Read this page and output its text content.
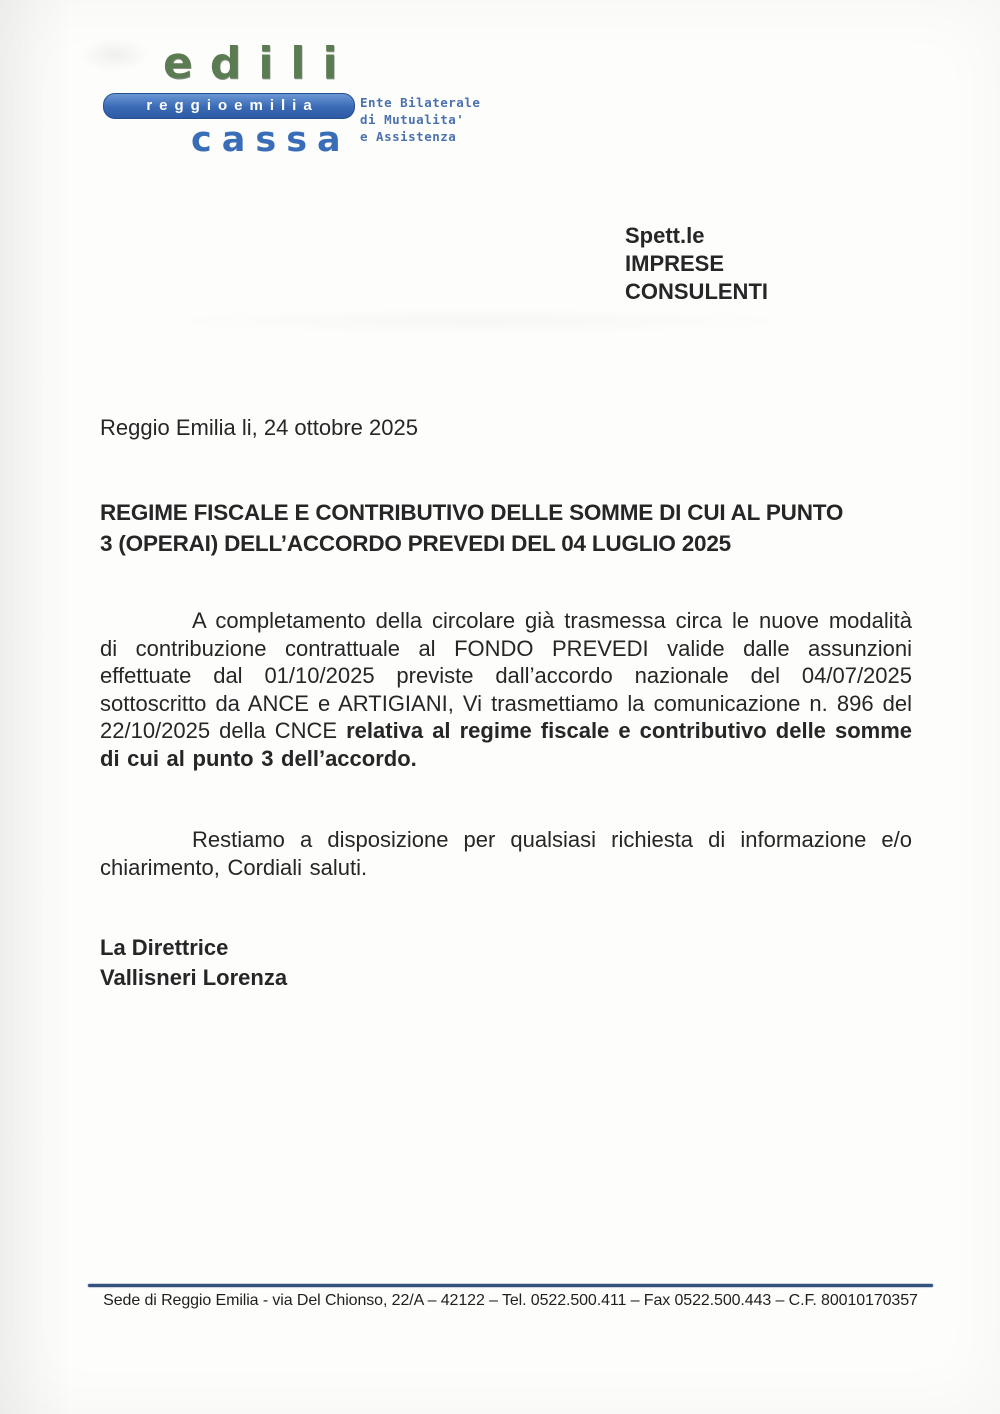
edili
reggioemilia
cassa
Ente Bilaterale
di Mutualita'
e Assistenza
Spett.le
IMPRESE
CONSULENTI
Reggio Emilia li, 24 ottobre 2025
REGIME FISCALE E CONTRIBUTIVO DELLE SOMME DI CUI AL PUNTO
3 (OPERAI) DELL’ACCORDO PREVEDI DEL 04 LUGLIO 2025

A completamento della circolare già trasmessa circa le nuove modalità di contribuzione contrattuale al FONDO PREVEDI valide dalle assunzioni effettuate dal 01/10/2025 previste dall’accordo nazionale del 04/07/2025 sottoscritto da ANCE e ARTIGIANI, Vi trasmettiamo la comunicazione n. 896 del 22/10/2025 della CNCE relativa al regime fiscale e contributivo delle somme di cui al punto 3 dell’accordo.

Restiamo a disposizione per qualsiasi richiesta di informazione e/o chiarimento, Cordiali saluti.

La Direttrice
Vallisneri Lorenza
Sede di Reggio Emilia - via Del Chionso, 22/A – 42122 – Tel. 0522.500.411 – Fax 0522.500.443 – C.F. 80010170357
